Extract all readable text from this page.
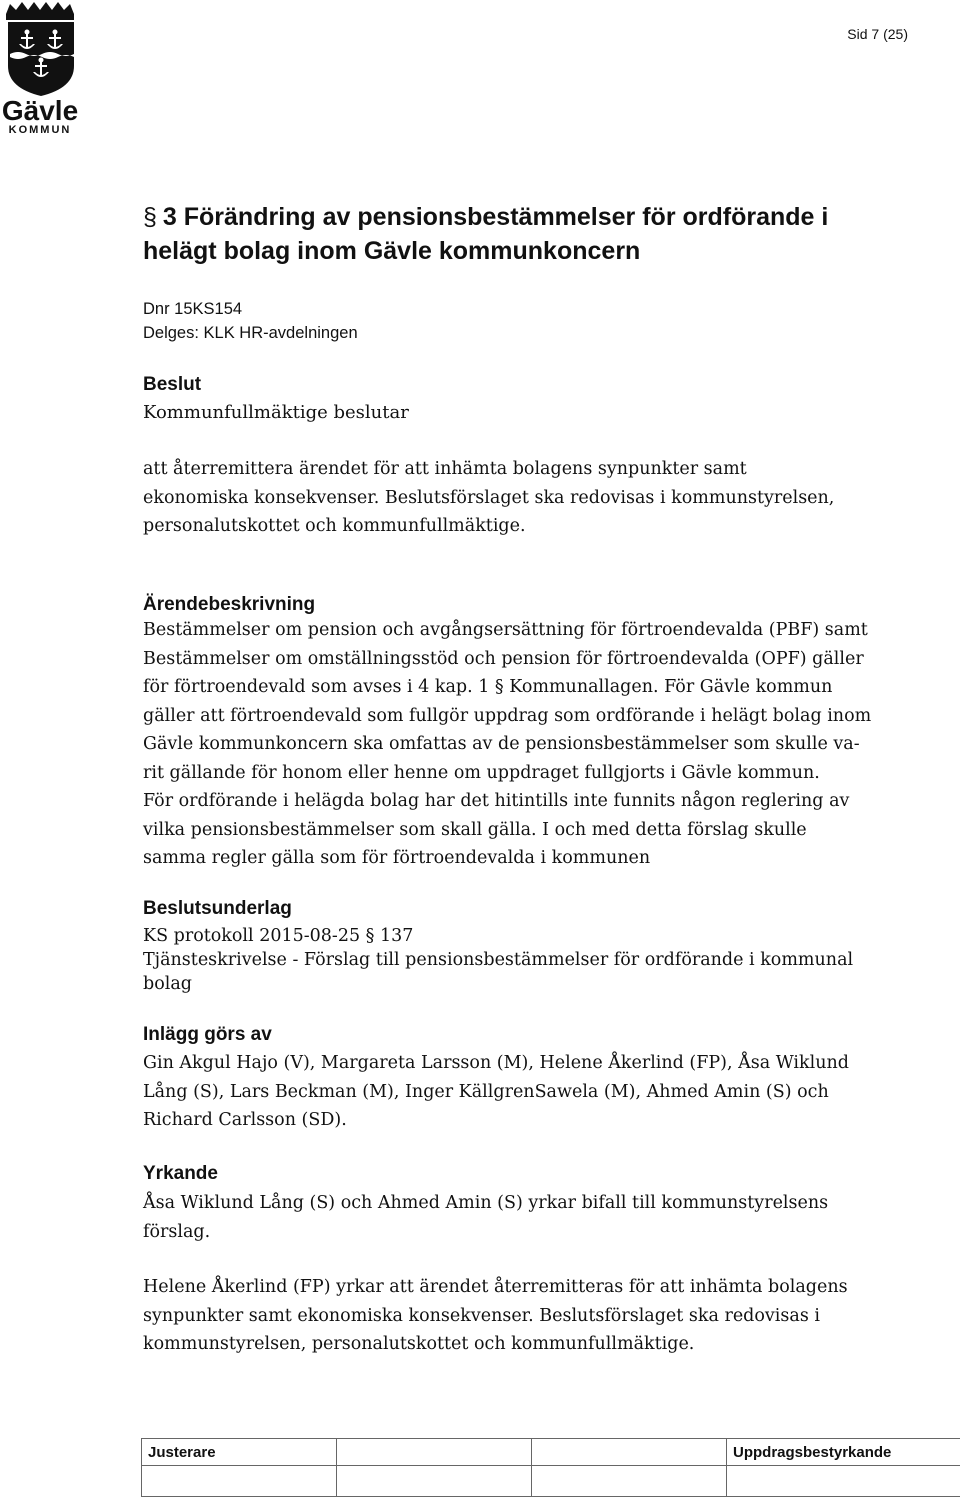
Gävle
KOMMUN
Sid 7 (25)
§ 3 Förändring av pensionsbestämmelser för ordförande i
helägt bolag inom Gävle kommunkoncern
Dnr 15KS154
Delges: KLK HR-avdelningen
Beslut
Kommunfullmäktige beslutar

att återremittera ärendet för att inhämta bolagens synpunkter samt
ekonomiska konsekvenser. Beslutsförslaget ska redovisas i kommunstyrelsen,
personalutskottet och kommunfullmäktige.

Ärendebeskrivning

Bestämmelser om pension och avgångsersättning för förtroendevalda (PBF) samt
Bestämmelser om omställningsstöd och pension för förtroendevalda (OPF) gäller
för förtroendevald som avses i 4 kap. 1 § Kommunallagen. För Gävle kommun
gäller att förtroendevald som fullgör uppdrag som ordförande i helägt bolag inom
Gävle kommunkoncern ska omfattas av de pensionsbestämmelser som skulle va-
rit gällande för honom eller henne om uppdraget fullgjorts i Gävle kommun.
För ordförande i helägda bolag har det hitintills inte funnits någon reglering av
vilka pensionsbestämmelser som skall gälla. I och med detta förslag skulle
samma regler gälla som för förtroendevalda i kommunen

Beslutsunderlag

KS protokoll 2015-08-25 § 137
Tjänsteskrivelse - Förslag till pensionsbestämmelser för ordförande i kommunal
bolag

Inlägg görs av

Gin Akgul Hajo (V), Margareta Larsson (M), Helene Åkerlind (FP), Åsa Wiklund
Lång (S), Lars Beckman (M), Inger KällgrenSawela (M), Ahmed Amin (S) och
Richard Carlsson (SD).

Yrkande

Åsa Wiklund Lång (S) och Ahmed Amin (S) yrkar bifall till kommunstyrelsens
förslag.

Helene Åkerlind (FP) yrkar att ärendet återremitteras för att inhämta bolagens
synpunkter samt ekonomiska konsekvenser. Beslutsförslaget ska redovisas i
kommunstyrelsen, personalutskottet och kommunfullmäktige.

Justerare			Uppdragsbestyrkande
